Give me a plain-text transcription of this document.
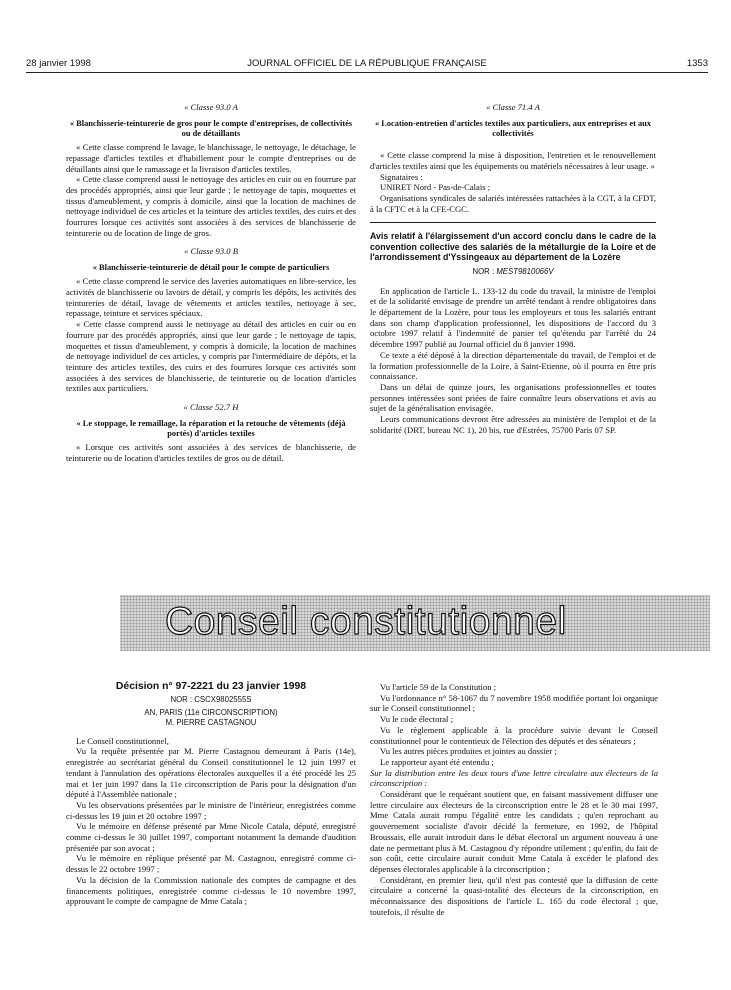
28 janvier 1998	JOURNAL OFFICIEL DE LA RÉPUBLIQUE FRANÇAISE	1353
« Classe 93.0 A
« Blanchisserie-teinturerie de gros pour le compte d'entreprises, de collectivités ou de détaillants

« Cette classe comprend le lavage, le blanchissage, le nettoyage, le détachage, le repassage d'articles textiles et d'habillement pour le compte d'entreprises ou de détaillants ainsi que le ramassage et la livraison d'articles textiles.

« Cette classe comprend aussi le nettoyage des articles en cuir ou en fourrure par des procédés appropriés, ainsi que leur garde ; le nettoyage de tapis, moquettes et tissus d'ameublement, y compris à domicile, ainsi que la location de machines de nettoyage individuel de ces articles et la teinture des articles textiles, des cuirs et des fourrures lorsque ces activités sont associées à des services de blanchisserie de teinturerie ou de location de linge de gros.

« Classe 93.0 B
« Blanchisserie-teinturerie de détail pour le compte de particuliers

« Cette classe comprend le service des laveries automatiques en libre-service, les activités de blanchisserie ou lavoirs de détail, y compris les dépôts, les activités des teintureries de détail, lavage de vêtements et articles textiles, nettoyage à sec, repassage, teinture et services spéciaux.

« Cette classe comprend aussi le nettoyage au détail des articles en cuir ou en fourrure par des procédés appropriés, ainsi que leur garde ; le nettoyage de tapis, moquettes et tissus d'ameublement, y compris à domicile, la location de machines de nettoyage individuel de ces articles, y compris par l'intermédiaire de dépôts, et la teinture des articles textiles, des cuirs et des fourrures lorsque ces activités sont associées à des services de blanchisserie, de teinturerie ou de location d'articles textiles aux particuliers.

« Classe 52.7 H
« Le stoppage, le remaillage, la réparation et la retouche de vêtements (déjà portés) d'articles textiles

« Lorsque ces activités sont associées à des services de blanchisserie, de teinturerie ou de location d'articles textiles de gros ou de détail.

« Classe 71.4 A
« Location-entretien d'articles textiles aux particuliers, aux entreprises et aux collectivités

« Cette classe comprend la mise à disposition, l'entretien et le renouvellement d'articles textiles ainsi que les équipements ou matériels nécessaires à leur usage. »

Signataires :

UNIRET Nord - Pas-de-Calais ;

Organisations syndicales de salariés intéressées rattachées à la CGT, à la CFDT, à la CFTC et à la CFE-CGC.

Avis relatif à l'élargissement d'un accord conclu dans le cadre de la convention collective des salariés de la métallurgie de la Loire et de l'arrondissement d'Yssingeaux au département de la Lozère
NOR : MEST9810066V

En application de l'article L. 133-12 du code du travail, la ministre de l'emploi et de la solidarité envisage de prendre un arrêté tendant à rendre obligatoires dans le département de la Lozère, pour tous les employeurs et tous les salariés entrant dans son champ d'application professionnel, les dispositions de l'accord du 3 octobre 1997 relatif à l'indemnité de panier tel qu'étendu par l'arrêté du 24 décembre 1997 publié au Journal officiel du 8 janvier 1998.

Ce texte a été déposé à la direction départementale du travail, de l'emploi et de la formation professionnelle de la Loire, à Saint-Etienne, où il pourra en être pris connaissance.

Dans un délai de quinze jours, les organisations professionnelles et toutes personnes intéressées sont priées de faire connaître leurs observations et avis au sujet de la généralisation envisagée.

Leurs communications devront être adressées au ministère de l'emploi et de la solidarité (DRT, bureau NC 1), 20 bis, rue d'Estrées, 75700 Paris 07 SP.

Conseil constitutionnel
Décision n° 97-2221 du 23 janvier 1998
NOR : CSCX9802555S
AN, PARIS (11e CIRCONSCRIPTION)
M. PIERRE CASTAGNOU

Le Conseil constitutionnel,

Vu la requête présentée par M. Pierre Castagnou demeurant à Paris (14e), enregistrée au secrétariat général du Conseil constitutionnel le 12 juin 1997 et tendant à l'annulation des opérations électorales auxquelles il a été procédé les 25 mai et 1er juin 1997 dans la 11e circonscription de Paris pour la désignation d'un député à l'Assemblée nationale ;

Vu les observations présentées par le ministre de l'intérieur, enregistrées comme ci-dessus les 19 juin et 20 octobre 1997 ;

Vu le mémoire en défense présenté par Mme Nicole Catala, député, enregistré comme ci-dessus le 30 juillet 1997, comportant notamment la demande d'audition présentée par son avocat ;

Vu le mémoire en réplique présenté par M. Castagnou, enregistré comme ci-dessus le 22 octobre 1997 ;

Vu la décision de la Commission nationale des comptes de campagne et des financements politiques, enregistrée comme ci-dessus le 10 novembre 1997, approuvant le compte de campagne de Mme Catala ;

Vu l'article 59 de la Constitution ;

Vu l'ordonnance n° 58-1067 du 7 novembre 1958 modifiée portant loi organique sur le Conseil constitutionnel ;

Vu le code électoral ;

Vu le règlement applicable à la procédure suivie devant le Conseil constitutionnel pour le contentieux de l'élection des députés et des sénateurs ;

Vu les autres pièces produites et jointes au dossier ;

Le rapporteur ayant été entendu ;

Sur la distribution entre les deux tours d'une lettre circulaire aux électeurs de la circonscription :

Considérant que le requérant soutient que, en faisant massivement diffuser une lettre circulaire aux électeurs de la circonscription entre le 28 et le 30 mai 1997, Mme Catala aurait rompu l'égalité entre les candidats ; qu'en reprochant au gouvernement socialiste d'avoir décidé la fermeture, en 1992, de l'hôpital Broussais, elle aurait introduit dans le débat électoral un argument nouveau à une date ne permettant plus à M. Castagnou d'y répondre utilement ; qu'enfin, du fait de son coût, cette circulaire aurait conduit Mme Catala à excéder le plafond des dépenses électorales applicable à la circonscription ;

Considérant, en premier lieu, qu'il n'est pas contesté que la diffusion de cette circulaire a concerné la quasi-totalité des électeurs de la circonscription, en méconnaissance des dispositions de l'article L. 165 du code électoral ; que, toutefois, il résulte de
